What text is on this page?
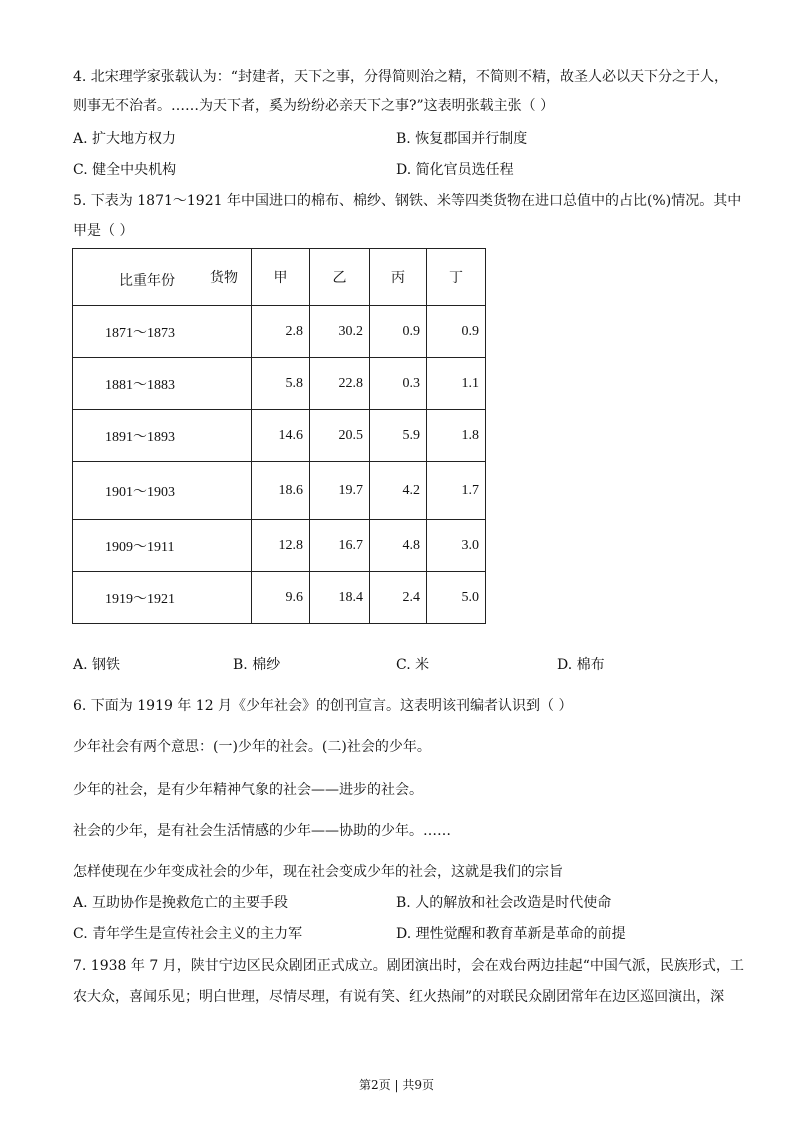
4. 北宋理学家张载认为：“封建者，天下之事，分得简则治之精，不简则不精，故圣人必以天下分之于人，
则事无不治者。……为天下者，奚为纷纷必亲天下之事?”这表明张载主张（ ）
A. 扩大地方权力	B. 恢复郡国并行制度
C. 健全中央机构	D. 简化官员选任程
5. 下表为 1871～1921 年中国进口的棉布、棉纱、钢铁、米等四类货物在进口总值中的占比(%)情况。其中
甲是（ ）
比重年份 货物	甲	乙	丙	丁
1871～1873	2.8	30.2	0.9	0.9
1881～1883	5.8	22.8	0.3	1.1
1891～1893	14.6	20.5	5.9	1.8
1901～1903	18.6	19.7	4.2	1.7
1909～1911	12.8	16.7	4.8	3.0
1919～1921	9.6	18.4	2.4	5.0
A. 钢铁	B. 棉纱	C. 米	D. 棉布
6. 下面为 1919 年 12 月《少年社会》的创刊宣言。这表明该刊编者认识到（ ）
少年社会有两个意思：(一)少年的社会。(二)社会的少年。
少年的社会，是有少年精神气象的社会——进步的社会。
社会的少年，是有社会生活情感的少年——协助的少年。……
怎样使现在少年变成社会的少年，现在社会变成少年的社会，这就是我们的宗旨
A. 互助协作是挽救危亡的主要手段	B. 人的解放和社会改造是时代使命
C. 青年学生是宣传社会主义的主力军	D. 理性觉醒和教育革新是革命的前提
7. 1938 年 7 月，陕甘宁边区民众剧团正式成立。剧团演出时，会在戏台两边挂起“中国气派，民族形式，工
农大众，喜闻乐见；明白世理，尽情尽理，有说有笑、红火热闹”的对联民众剧团常年在边区巡回演出，深
第2页 | 共9页
